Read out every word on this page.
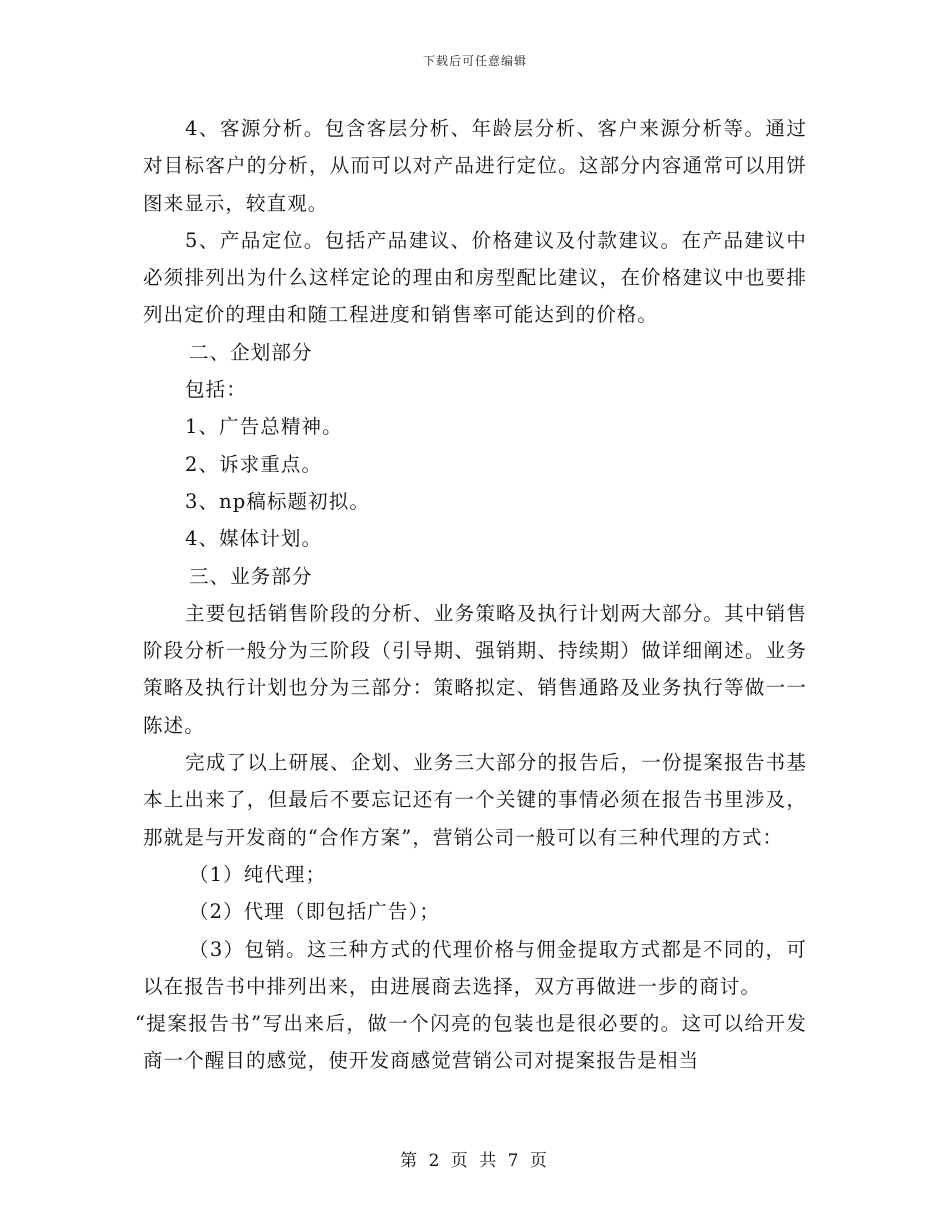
下载后可任意编辑

4、客源分析。包含客层分析、年龄层分析、客户来源分析等。通过对目标客户的分析，从而可以对产品进行定位。这部分内容通常可以用饼图来显示，较直观。

5、产品定位。包括产品建议、价格建议及付款建议。在产品建议中必须排列出为什么这样定论的理由和房型配比建议，在价格建议中也要排列出定价的理由和随工程进度和销售率可能达到的价格。

二、企划部分

包括：

1、广告总精神。

2、诉求重点。

3、np稿标题初拟。

4、媒体计划。

三、业务部分

主要包括销售阶段的分析、业务策略及执行计划两大部分。其中销售阶段分析一般分为三阶段（引导期、强销期、持续期）做详细阐述。业务策略及执行计划也分为三部分：策略拟定、销售通路及业务执行等做一一陈述。

完成了以上研展、企划、业务三大部分的报告后，一份提案报告书基本上出来了，但最后不要忘记还有一个关键的事情必须在报告书里涉及，那就是与开发商的“合作方案”，营销公司一般可以有三种代理的方式：

（1）纯代理；

（2）代理（即包括广告）；

（3）包销。这三种方式的代理价格与佣金提取方式都是不同的，可以在报告书中排列出来，由进展商去选择，双方再做进一步的商讨。

“提案报告书”写出来后，做一个闪亮的包装也是很必要的。这可以给开发商一个醒目的感觉，使开发商感觉营销公司对提案报告是相当

第 2 页 共 7 页
